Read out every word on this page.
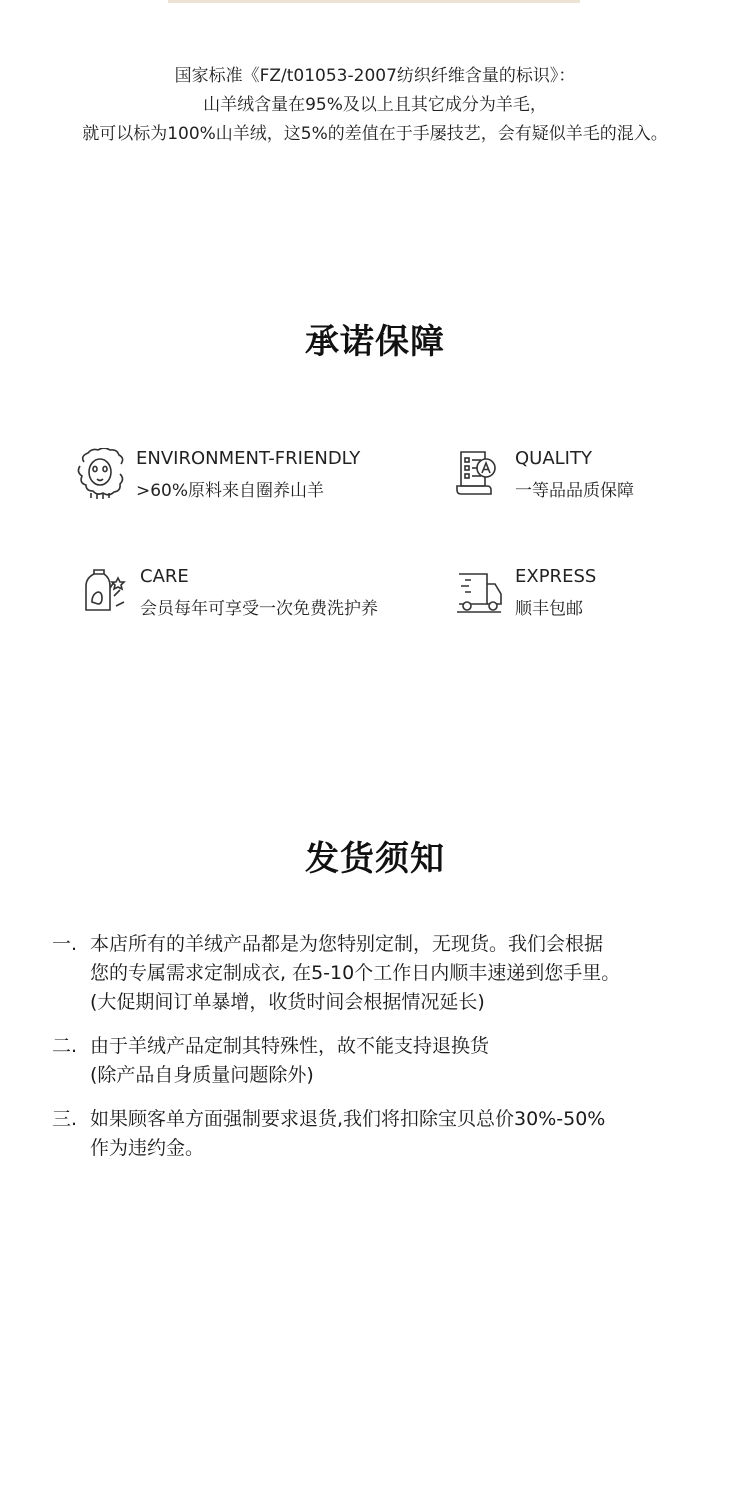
国家标准《FZ/t01053-2007纺织纤维含量的标识》：
山羊绒含量在95%及以上且其它成分为羊毛，
就可以标为100%山羊绒，这5%的差值在于手屡技艺，会有疑似羊毛的混入。
承诺保障
ENVIRONMENT-FRIENDLY
>60%原料来自圈养山羊
QUALITY
一等品品质保障
CARE
会员每年可享受一次免费洗护养
EXPRESS
顺丰包邮
发货须知
一. 本店所有的羊绒产品都是为您特别定制，无现货。我们会根据
您的专属需求定制成衣, 在5-10个工作日内顺丰速递到您手里。
(大促期间订单暴增，收货时间会根据情况延长)
二. 由于羊绒产品定制其特殊性，故不能支持退换货
(除产品自身质量问题除外)
三. 如果顾客单方面强制要求退货,我们将扣除宝贝总价30%-50%
作为违约金。
